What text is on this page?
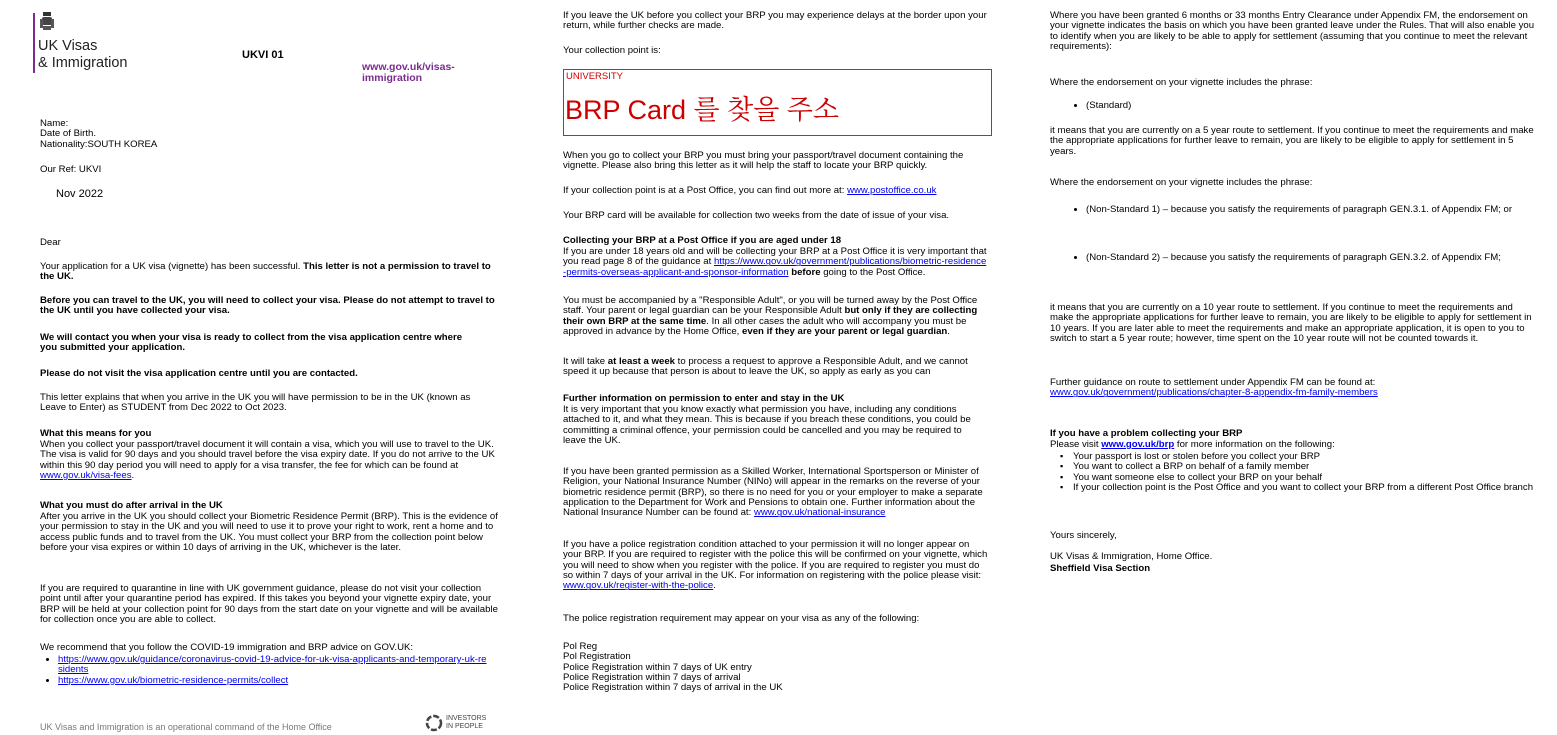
UK Visas
& Immigration	UKVI 01
www.gov.uk/visas-
immigration
Name:
Date of Birth.
Nationality:SOUTH KOREA
Our Ref: UKVI
Nov 2022
Dear

Your application for a UK visa (vignette) has been successful. This letter is not a permission to travel to the UK.

Before you can travel to the UK, you will need to collect your visa. Please do not attempt to travel to the UK until you have collected your visa.

We will contact you when your visa is ready to collect from the visa application centre where you submitted your application.

Please do not visit the visa application centre until you are contacted.

This letter explains that when you arrive in the UK you will have permission to be in the UK (known as Leave to Enter) as STUDENT from Dec 2022 to Oct 2023.

What this means for you

When you collect your passport/travel document it will contain a visa, which you will use to travel to the UK. The visa is valid for 90 days and you should travel before the visa expiry date. If you do not arrive to the UK within this 90 day period you will need to apply for a visa transfer, the fee for which can be found at www.gov.uk/visa-fees.

What you must do after arrival in the UK

After you arrive in the UK you should collect your Biometric Residence Permit (BRP). This is the evidence of your permission to stay in the UK and you will need to use it to prove your right to work, rent a home and to access public funds and to travel from the UK. You must collect your BRP from the collection point below before your visa expires or within 10 days of arriving in the UK, whichever is the later.

If you are required to quarantine in line with UK government guidance, please do not visit your collection point until after your quarantine period has expired. If this takes you beyond your vignette expiry date, your BRP will be held at your collection point for 90 days from the start date on your vignette and will be available for collection once you are able to collect.

We recommend that you follow the COVID-19 immigration and BRP advice on GOV.UK:

• https://www.gov.uk/guidance/coronavirus-covid-19-advice-for-uk-visa-applicants-and-temporary-uk-residents
• https://www.gov.uk/biometric-residence-permits/collect
UK Visas and Immigration is an operational command of the Home Office
INVESTORS
IN PEOPLE

If you leave the UK before you collect your BRP you may experience delays at the border upon your return, while further checks are made.

Your collection point is:

UNIVERSITY
BRP Card 를 찾을 주소

When you go to collect your BRP you must bring your passport/travel document containing the vignette. Please also bring this letter as it will help the staff to locate your BRP quickly.

If your collection point is at a Post Office, you can find out more at: www.postoffice.co.uk

Your BRP card will be available for collection two weeks from the date of issue of your visa.

Collecting your BRP at a Post Office if you are aged under 18

If you are under 18 years old and will be collecting your BRP at a Post Office it is very important that you read page 8 of the guidance at https://www.gov.uk/government/publications/biometric-residence-permits-overseas-applicant-and-sponsor-information before going to the Post Office.

You must be accompanied by a "Responsible Adult", or you will be turned away by the Post Office staff. Your parent or legal guardian can be your Responsible Adult but only if they are collecting their own BRP at the same time. In all other cases the adult who will accompany you must be approved in advance by the Home Office, even if they are your parent or legal guardian.

It will take at least a week to process a request to approve a Responsible Adult, and we cannot speed it up because that person is about to leave the UK, so apply as early as you can

Further information on permission to enter and stay in the UK

It is very important that you know exactly what permission you have, including any conditions attached to it, and what they mean. This is because if you breach these conditions, you could be committing a criminal offence, your permission could be cancelled and you may be required to leave the UK.

If you have been granted permission as a Skilled Worker, International Sportsperson or Minister of Religion, your National Insurance Number (NINo) will appear in the remarks on the reverse of your biometric residence permit (BRP), so there is no need for you or your employer to make a separate application to the Department for Work and Pensions to obtain one. Further information about the National Insurance Number can be found at: www.gov.uk/national-insurance

If you have a police registration condition attached to your permission it will no longer appear on your BRP. If you are required to register with the police this will be confirmed on your vignette, which you will need to show when you register with the police. If you are required to register you must do so within 7 days of your arrival in the UK. For information on registering with the police please visit: www.gov.uk/register-with-the-police.

The police registration requirement may appear on your visa as any of the following:

Pol Reg
Pol Registration
Police Registration within 7 days of UK entry
Police Registration within 7 days of arrival
Police Registration within 7 days of arrival in the UK

Where you have been granted 6 months or 33 months Entry Clearance under Appendix FM, the endorsement on your vignette indicates the basis on which you have been granted leave under the Rules. That will also enable you to identify when you are likely to be able to apply for settlement (assuming that you continue to meet the relevant requirements):

Where the endorsement on your vignette includes the phrase:

• (Standard)

it means that you are currently on a 5 year route to settlement. If you continue to meet the requirements and make the appropriate applications for further leave to remain, you are likely to be eligible to apply for settlement in 5 years.

Where the endorsement on your vignette includes the phrase:

• (Non-Standard 1) – because you satisfy the requirements of paragraph GEN.3.1. of Appendix FM; or
• (Non-Standard 2) – because you satisfy the requirements of paragraph GEN.3.2. of Appendix FM;

it means that you are currently on a 10 year route to settlement. If you continue to meet the requirements and make the appropriate applications for further leave to remain, you are likely to be eligible to apply for settlement in 10 years. If you are later able to meet the requirements and make an appropriate application, it is open to you to switch to start a 5 year route; however, time spent on the 10 year route will not be counted towards it.

Further guidance on route to settlement under Appendix FM can be found at:
www.gov.uk/government/publications/chapter-8-appendix-fm-family-members

If you have a problem collecting your BRP

Please visit www.gov.uk/brp for more information on the following:

▪ Your passport is lost or stolen before you collect your BRP
▪ You want to collect a BRP on behalf of a family member
▪ You want someone else to collect your BRP on your behalf
▪ If your collection point is the Post Office and you want to collect your BRP from a different Post Office branch

Yours sincerely,

UK Visas & Immigration, Home Office.

Sheffield Visa Section
